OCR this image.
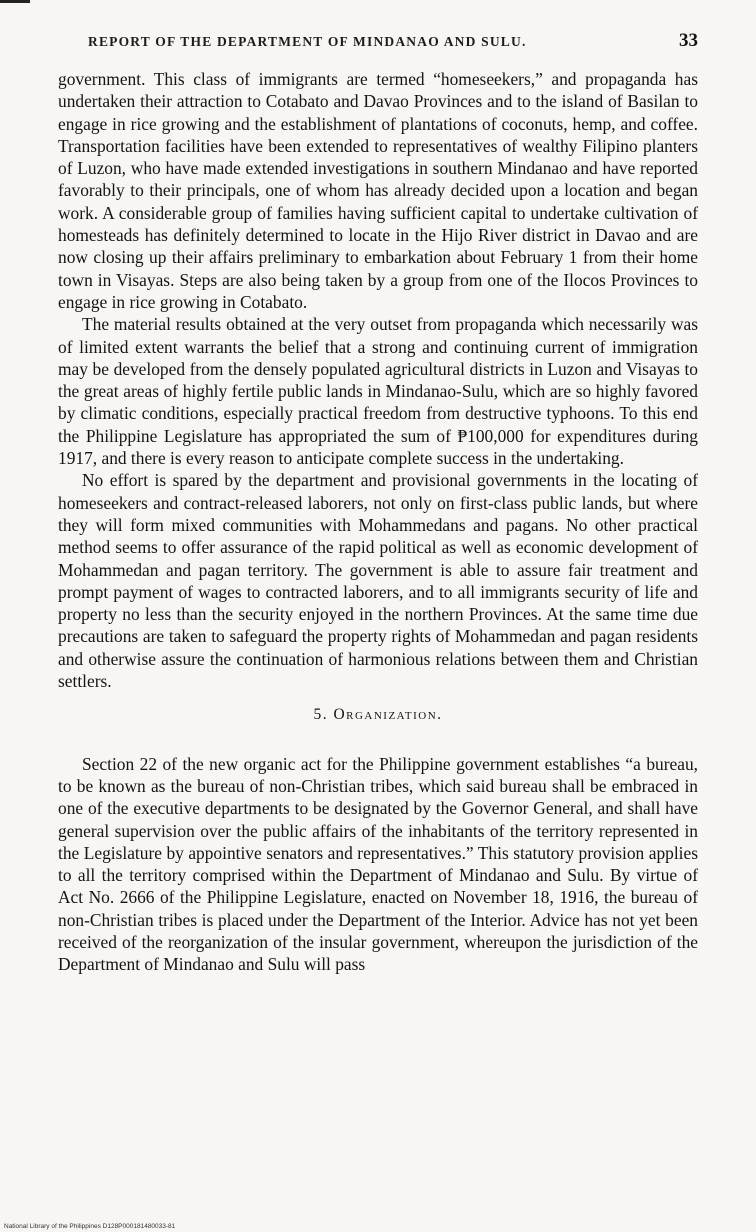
REPORT OF THE DEPARTMENT OF MINDANAO AND SULU.	33

government. This class of immigrants are termed “homeseekers,” and propaganda has undertaken their attraction to Cotabato and Davao Provinces and to the island of Basilan to engage in rice growing and the establishment of plantations of coconuts, hemp, and coffee. Transportation facilities have been extended to representatives of wealthy Filipino planters of Luzon, who have made extended investigations in southern Mindanao and have reported favorably to their principals, one of whom has already decided upon a location and began work. A considerable group of families having sufficient capital to undertake cultivation of homesteads has definitely determined to locate in the Hijo River district in Davao and are now closing up their affairs preliminary to embarkation about February 1 from their home town in Visayas. Steps are also being taken by a group from one of the Ilocos Provinces to engage in rice growing in Cotabato.

The material results obtained at the very outset from propaganda which necessarily was of limited extent warrants the belief that a strong and continuing current of immigration may be developed from the densely populated agricultural districts in Luzon and Visayas to the great areas of highly fertile public lands in Mindanao-Sulu, which are so highly favored by climatic conditions, especially practical freedom from destructive typhoons. To this end the Philippine Legislature has appropriated the sum of ₱100,000 for expenditures during 1917, and there is every reason to anticipate complete success in the undertaking.

No effort is spared by the department and provisional governments in the locating of homeseekers and contract-released laborers, not only on first-class public lands, but where they will form mixed communities with Mohammedans and pagans. No other practical method seems to offer assurance of the rapid political as well as economic development of Mohammedan and pagan territory. The government is able to assure fair treatment and prompt payment of wages to contracted laborers, and to all immigrants security of life and property no less than the security enjoyed in the northern Provinces. At the same time due precautions are taken to safeguard the property rights of Mohammedan and pagan residents and otherwise assure the continuation of harmonious relations between them and Christian settlers.

5. Organization.

Section 22 of the new organic act for the Philippine government establishes “a bureau, to be known as the bureau of non-Christian tribes, which said bureau shall be embraced in one of the executive departments to be designated by the Governor General, and shall have general supervision over the public affairs of the inhabitants of the territory represented in the Legislature by appointive senators and representatives.” This statutory provision applies to all the territory comprised within the Department of Mindanao and Sulu. By virtue of Act No. 2666 of the Philippine Legislature, enacted on November 18, 1916, the bureau of non-Christian tribes is placed under the Department of the Interior. Advice has not yet been received of the reorganization of the insular government, whereupon the jurisdiction of the Department of Mindanao and Sulu will pass

National Library of the Philippines D128P000181480033-81
